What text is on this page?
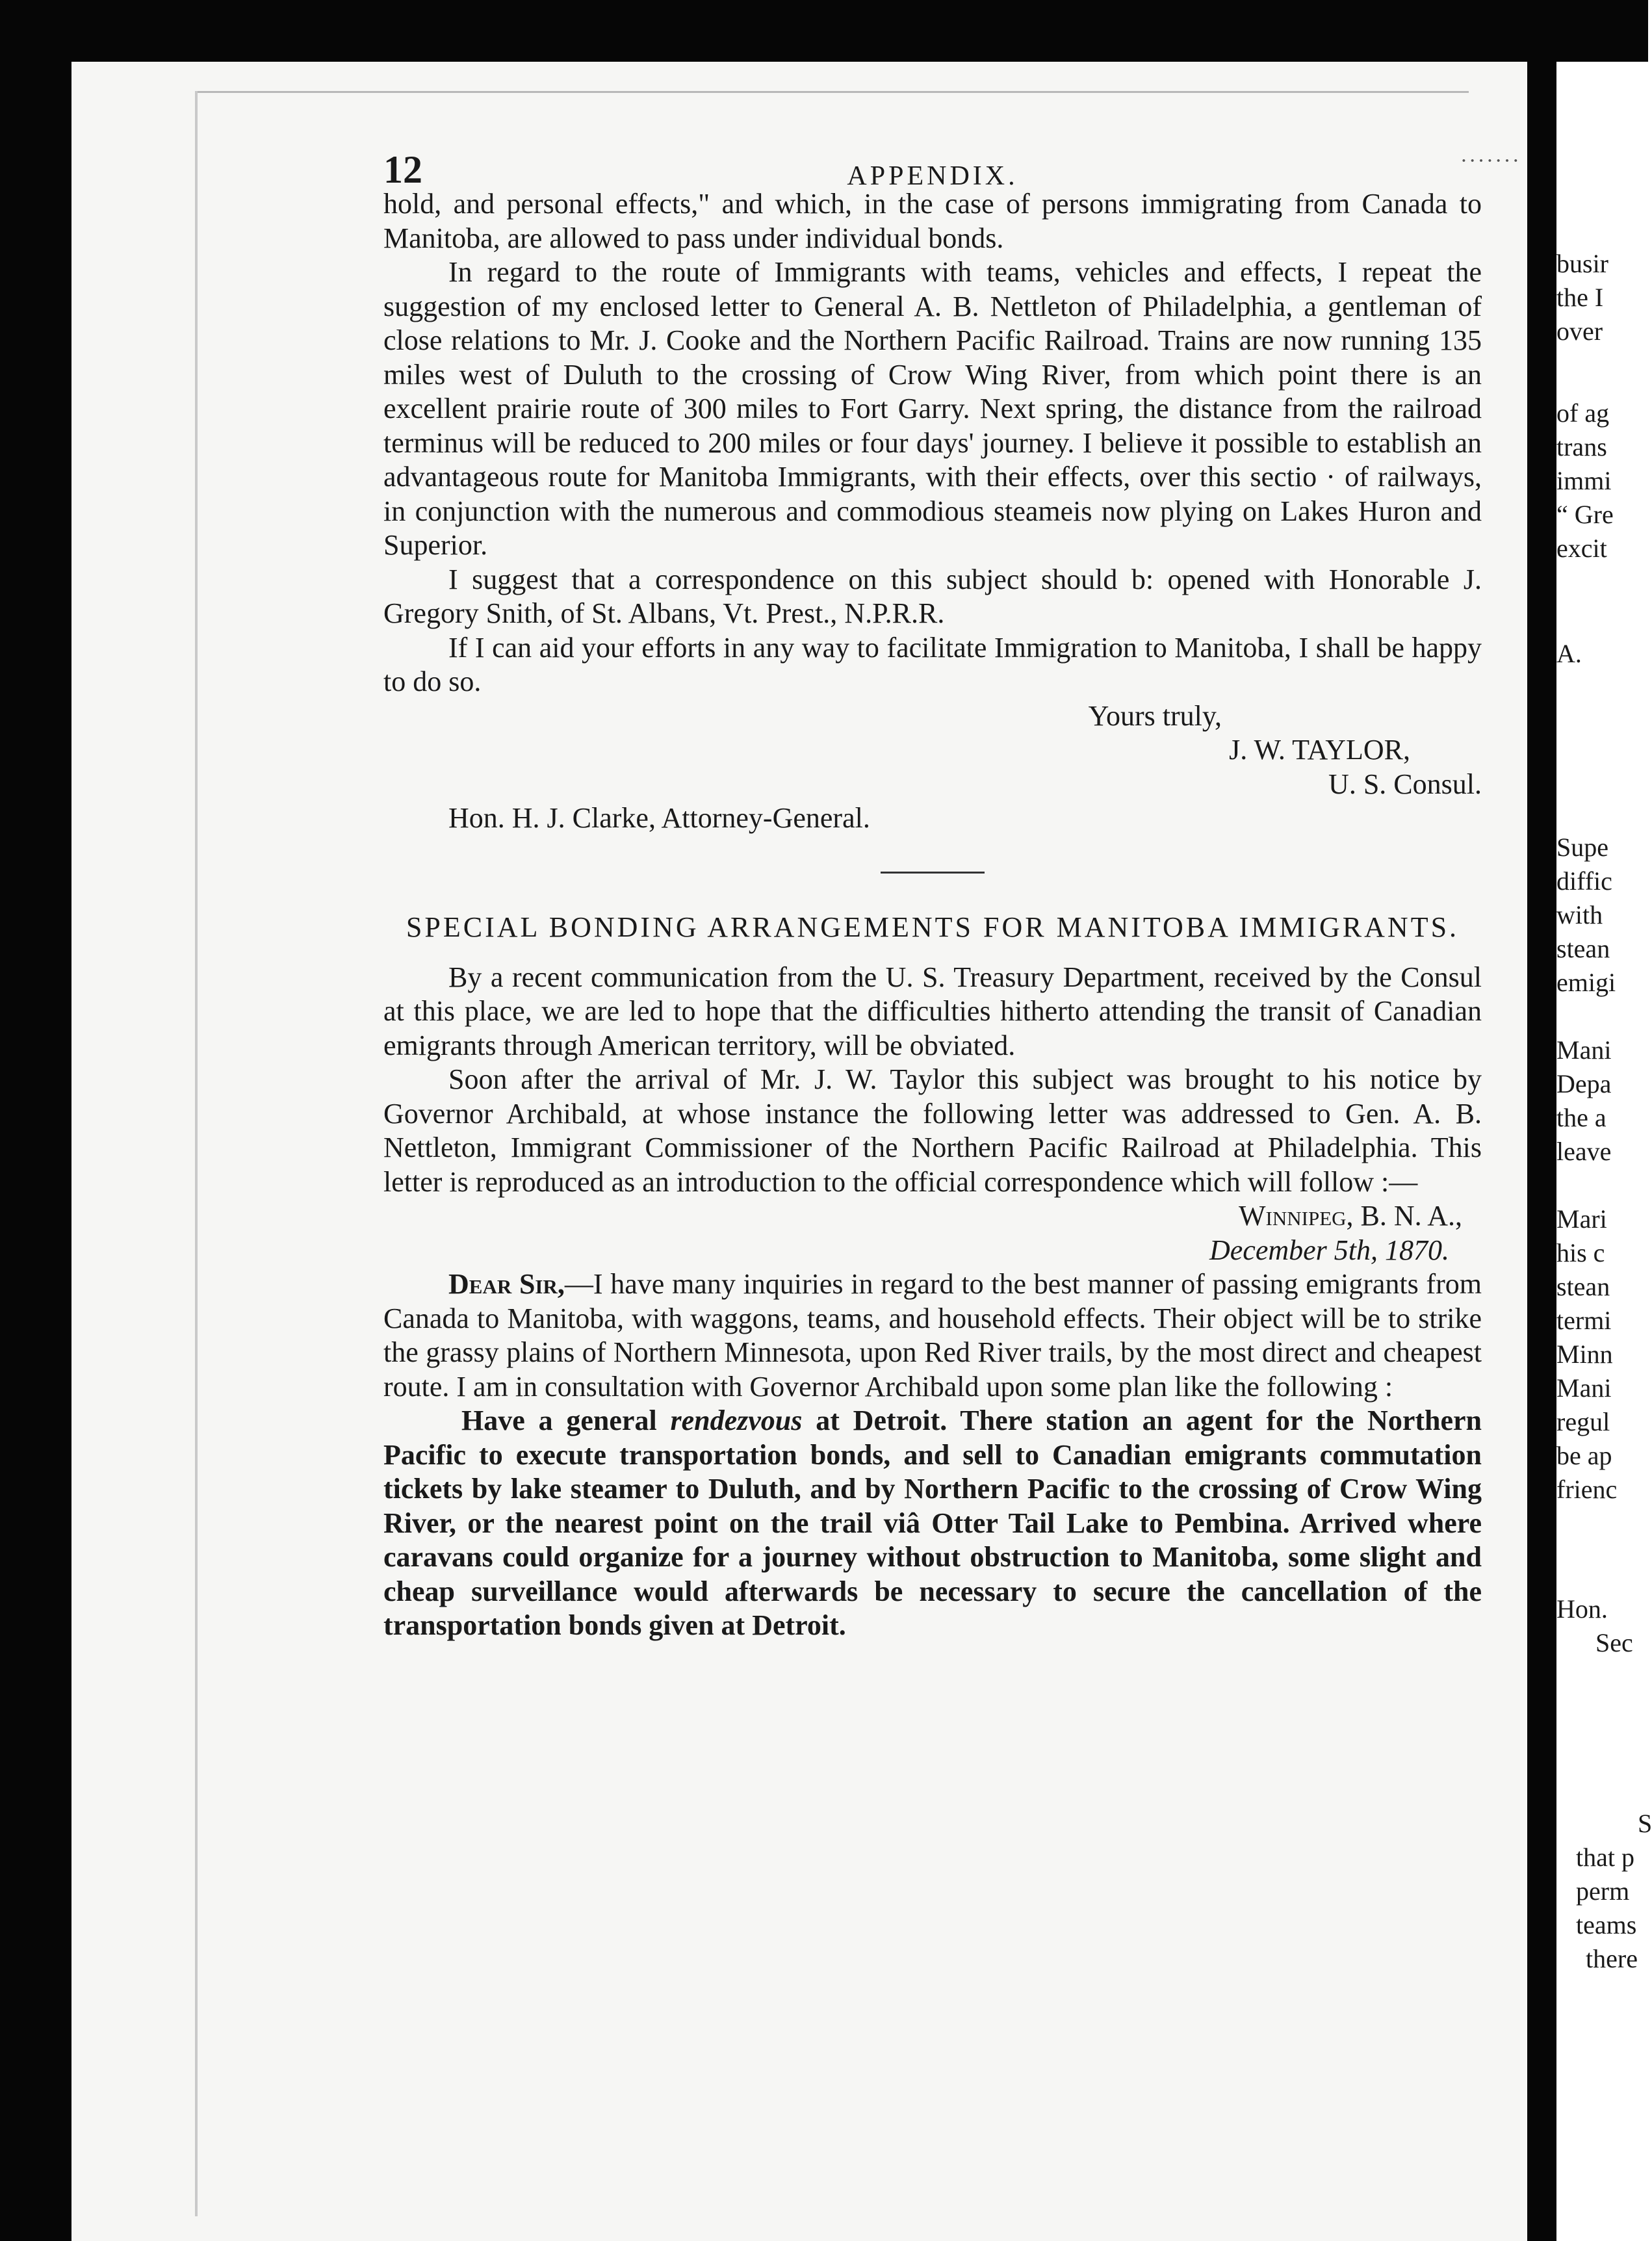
12	APPENDIX.
·······

hold, and personal effects," and which, in the case of persons immigrating from Canada to Manitoba, are allowed to pass under individual bonds.

In regard to the route of Immigrants with teams, vehicles and effects, I repeat the suggestion of my enclosed letter to General A. B. Nettleton of Philadelphia, a gentleman of close relations to Mr. J. Cooke and the Northern Pacific Railroad. Trains are now running 135 miles west of Duluth to the crossing of Crow Wing River, from which point there is an excellent prairie route of 300 miles to Fort Garry. Next spring, the distance from the railroad terminus will be reduced to 200 miles or four days' journey. I believe it possible to establish an advantageous route for Manitoba Immigrants, with their effects, over this sectio · of railways, in conjunction with the numerous and commodious steameis now plying on Lakes Huron and Superior.

I suggest that a correspondence on this subject should b: opened with Honorable J. Gregory Snith, of St. Albans, Vt. Prest., N.P.R.R.

If I can aid your efforts in any way to facilitate Immigration to Manitoba, I shall be happy to do so.

Yours truly,

J. W. TAYLOR,

U. S. Consul.

Hon. H. J. Clarke, Attorney-General.

SPECIAL BONDING ARRANGEMENTS FOR MANITOBA IMMIGRANTS.

By a recent communication from the U. S. Treasury Department, received by the Consul at this place, we are led to hope that the difficulties hitherto attending the transit of Canadian emigrants through American territory, will be obviated.

Soon after the arrival of Mr. J. W. Taylor this subject was brought to his notice by Governor Archibald, at whose instance the following letter was addressed to Gen. A. B. Nettleton, Immigrant Commissioner of the Northern Pacific Railroad at Philadelphia. This letter is reproduced as an introduction to the official correspondence which will follow :—

Winnipeg, B. N. A.,

December 5th, 1870.

Dear Sir,—I have many inquiries in regard to the best manner of passing emigrants from Canada to Manitoba, with waggons, teams, and household effects. Their object will be to strike the grassy plains of Northern Minnesota, upon Red River trails, by the most direct and cheapest route. I am in consultation with Governor Archibald upon some plan like the following :

Have a general rendezvous at Detroit. There station an agent for the Northern Pacific to execute transportation bonds, and sell to Canadian emigrants commutation tickets by lake steamer to Duluth, and by Northern Pacific to the crossing of Crow Wing River, or the nearest point on the trail viâ Otter Tail Lake to Pembina. Arrived where caravans could organize for a journey without obstruction to Manitoba, some slight and cheap surveillance would afterwards be necessary to secure the cancellation of the transportation bonds given at Detroit.

busir
the I
over
of ag
trans
immi
“ Gre
excit
A.
Supe
diffic
with
stean
emigi
Mani
Depa
the a
leave
Mari
his c
stean
termi
Minn
Mani
regul
be ap
frienc
Hon.
Sec
S
that p
perm
teams
there
